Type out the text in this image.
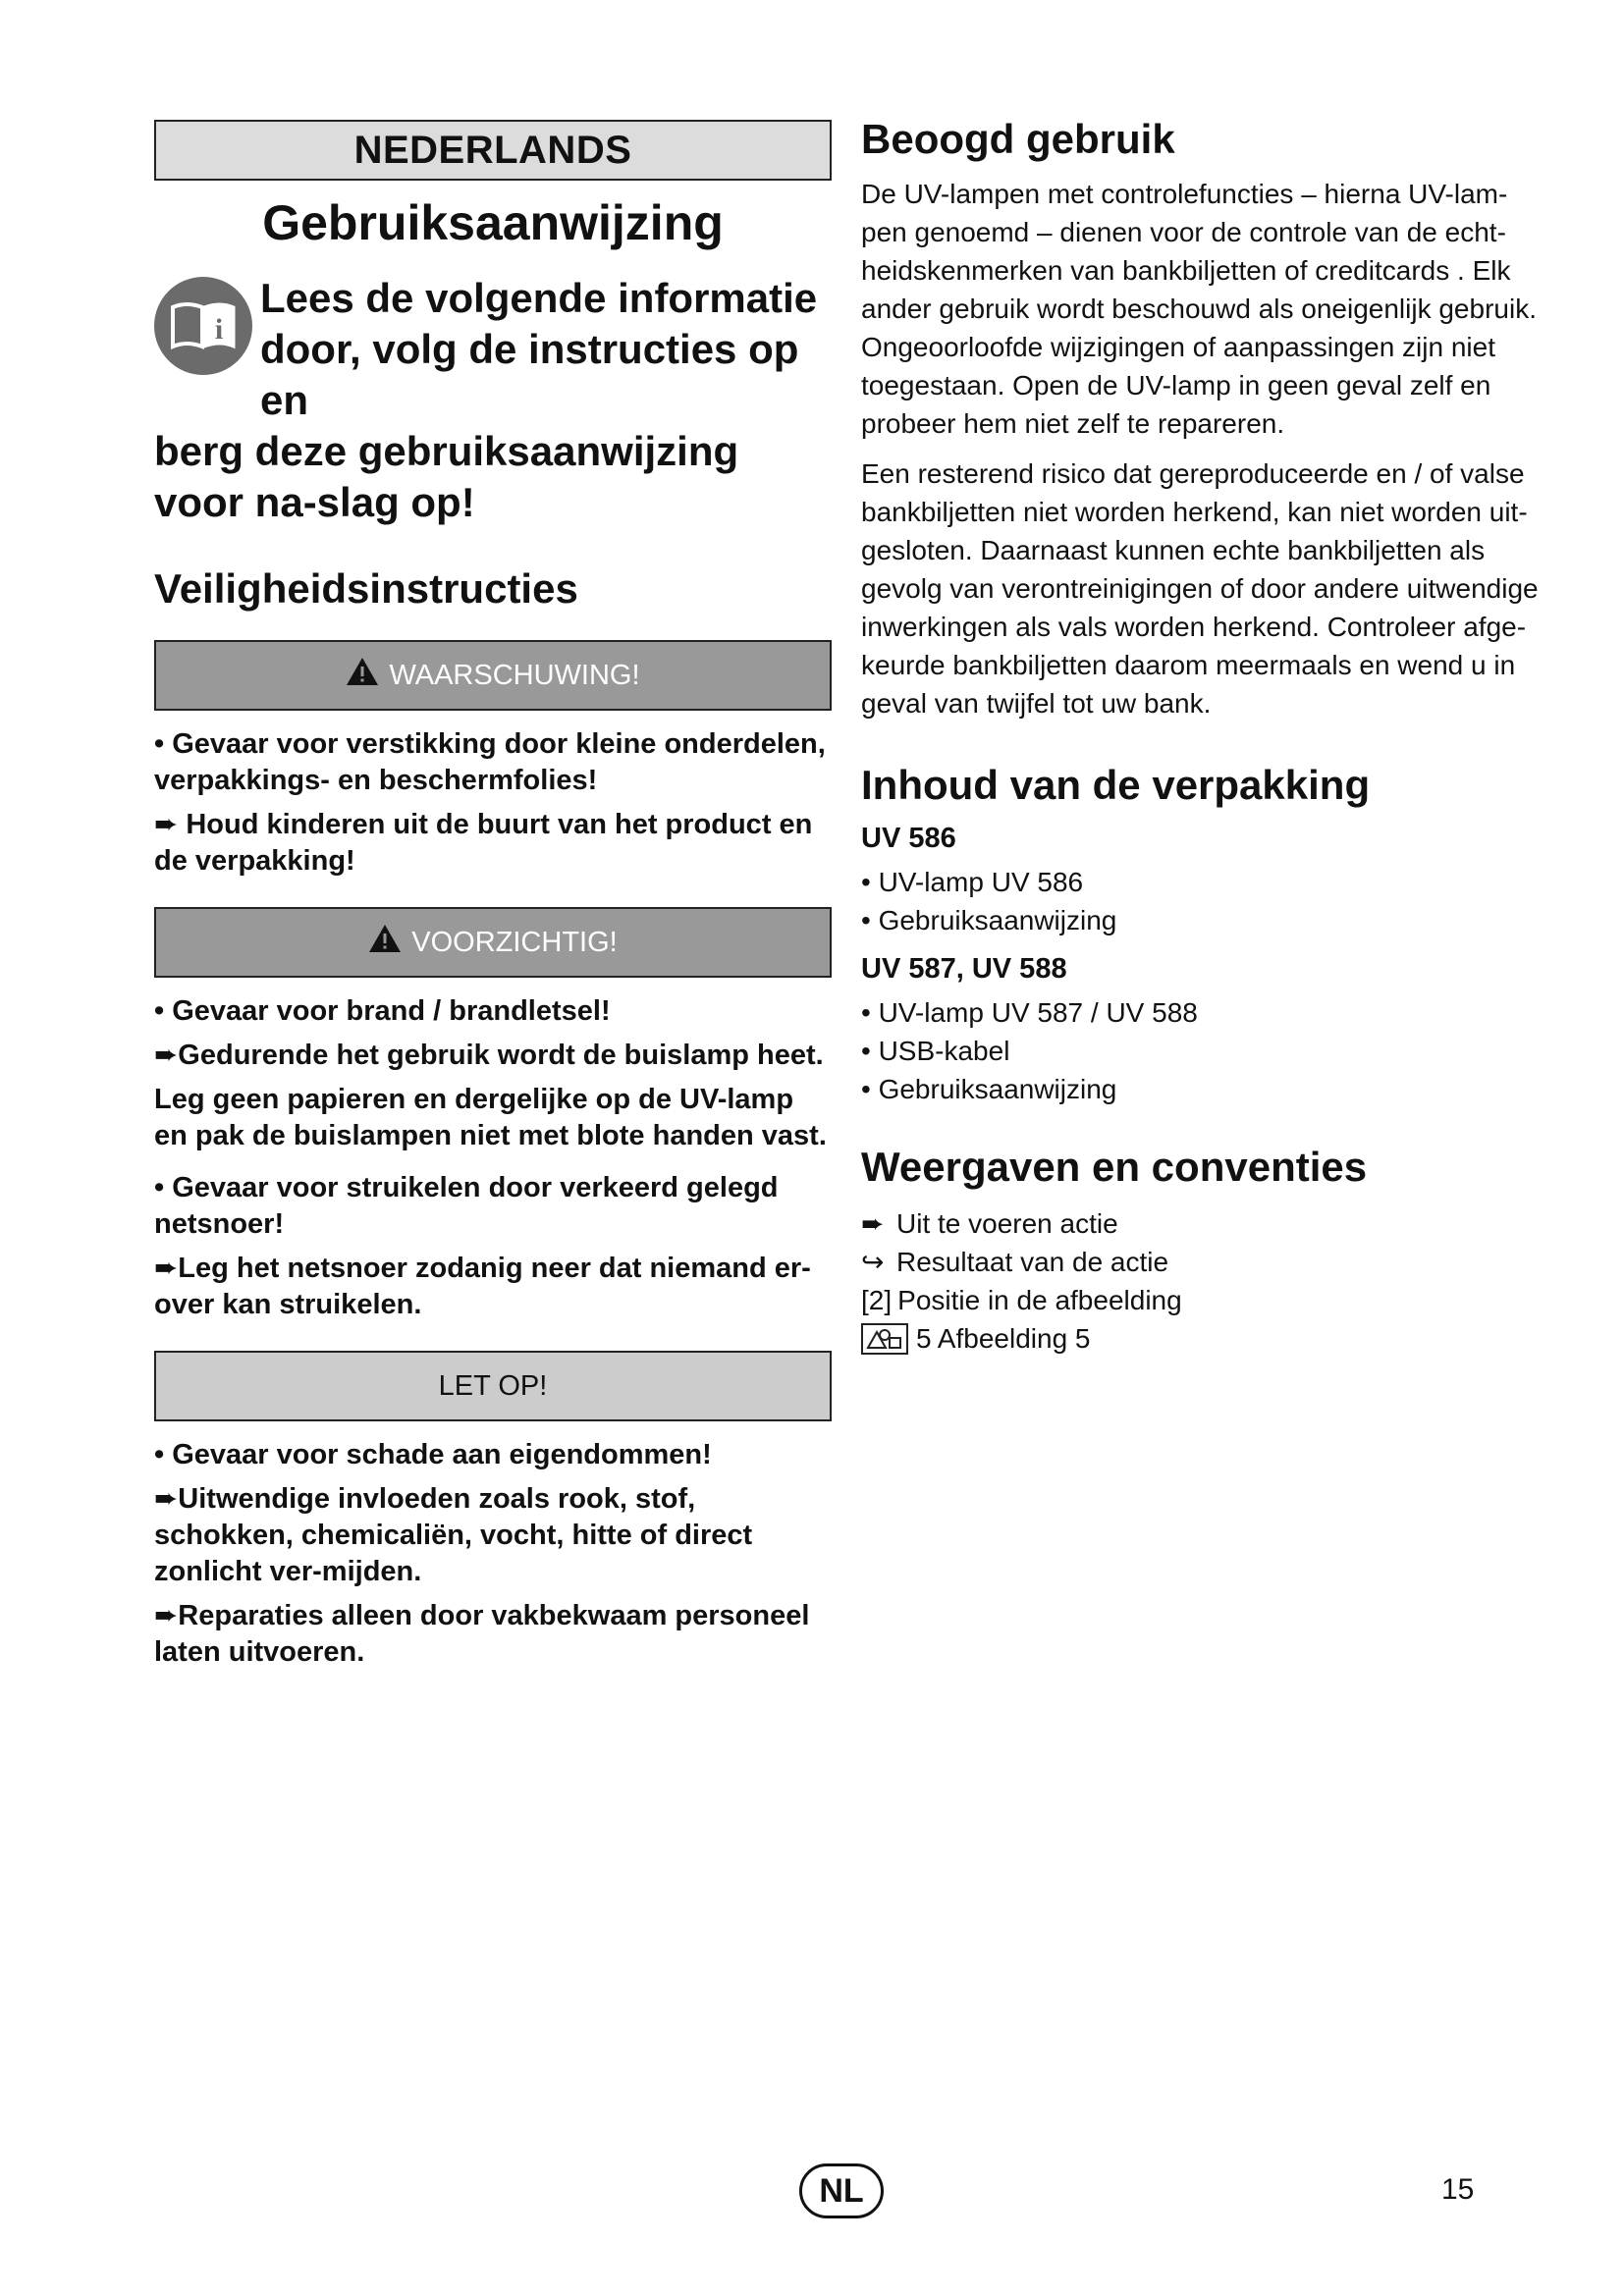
NEDERLANDS
Gebruiksaanwijzing
i
Lees de volgende informatie
door, volg de instructies op en
berg deze gebruiksaanwijzing voor na-slag op!
Veiligheidsinstructies
WAARSCHUWING!

• Gevaar voor verstikking door kleine onderdelen, verpakkings- en beschermfolies!

➨ Houd kinderen uit de buurt van het product en de verpakking!

VOORZICHTIG!

• Gevaar voor brand / brandletsel!

➨Gedurende het gebruik wordt de buislamp heet.

Leg geen papieren en dergelijke op de UV-lamp en pak de buislampen niet met blote handen vast.

• Gevaar voor struikelen door verkeerd gelegd netsnoer!

➨Leg het netsnoer zodanig neer dat niemand er-over kan struikelen.

LET OP!

• Gevaar voor schade aan eigendommen!

➨Uitwendige invloeden zoals rook, stof, schokken, chemicaliën, vocht, hitte of direct zonlicht ver-mijden.

➨Reparaties alleen door vakbekwaam personeel laten uitvoeren.

Beoogd gebruik

De UV-lampen met controlefuncties – hierna UV-lam-pen genoemd – dienen voor de controle van de echt-heidskenmerken van bankbiljetten of creditcards . Elk ander gebruik wordt beschouwd als oneigenlijk gebruik. Ongeoorloofde wijzigingen of aanpassingen zijn niet toegestaan. Open de UV-lamp in geen geval zelf en probeer hem niet zelf te repareren.

Een resterend risico dat gereproduceerde en / of valse bankbiljetten niet worden herkend, kan niet worden uit-gesloten. Daarnaast kunnen echte bankbiljetten als gevolg van verontreinigingen of door andere uitwendige inwerkingen als vals worden herkend. Controleer afge-keurde bankbiljetten daarom meermaals en wend u in geval van twijfel tot uw bank.

Inhoud van de verpakking
UV 586
• UV-lamp UV 586
• Gebruiksaanwijzing
UV 587, UV 588
• UV-lamp UV 587 / UV 588
• USB-kabel
• Gebruiksaanwijzing
Weergaven en conventies
➨ Uit te voeren actie
↪ Resultaat van de actie
[2] Positie in de afbeelding
5 Afbeelding 5
NL	15
